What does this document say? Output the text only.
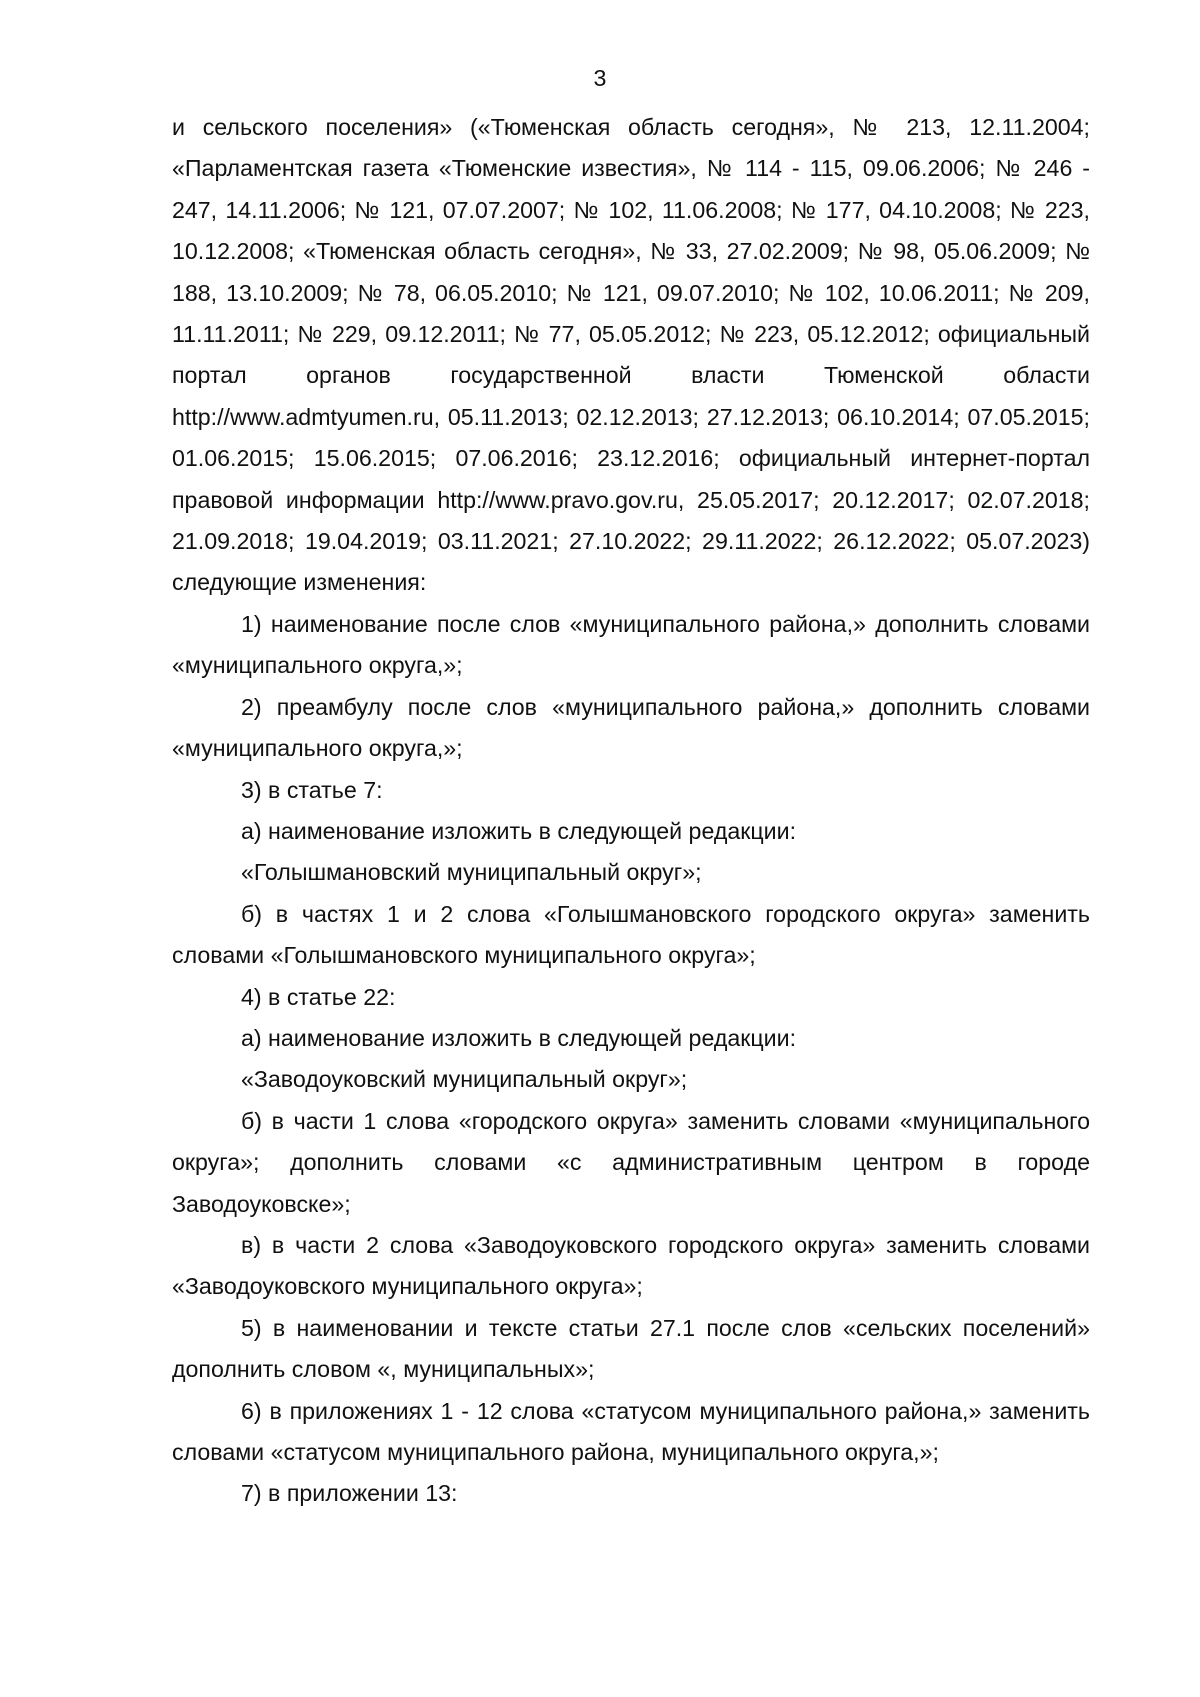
3

и сельского поселения» («Тюменская область сегодня», № 213, 12.11.2004; «Парламентская газета «Тюменские известия», № 114 - 115, 09.06.2006; № 246 - 247, 14.11.2006; № 121, 07.07.2007; № 102, 11.06.2008; № 177, 04.10.2008; № 223, 10.12.2008; «Тюменская область сегодня», № 33, 27.02.2009; № 98, 05.06.2009; № 188, 13.10.2009; № 78, 06.05.2010; № 121, 09.07.2010; № 102, 10.06.2011; № 209, 11.11.2011; № 229, 09.12.2011; № 77, 05.05.2012; № 223, 05.12.2012; официальный портал органов государственной власти Тюменской области http://www.admtyumen.ru, 05.11.2013; 02.12.2013; 27.12.2013; 06.10.2014; 07.05.2015; 01.06.2015; 15.06.2015; 07.06.2016; 23.12.2016; официальный интернет-портал правовой информации http://www.pravo.gov.ru, 25.05.2017; 20.12.2017; 02.07.2018; 21.09.2018; 19.04.2019; 03.11.2021; 27.10.2022; 29.11.2022; 26.12.2022; 05.07.2023) следующие изменения:

1) наименование после слов «муниципального района,» дополнить словами «муниципального округа,»;

2) преамбулу после слов «муниципального района,» дополнить словами «муниципального округа,»;

3) в статье 7:

а) наименование изложить в следующей редакции:

«Голышмановский муниципальный округ»;

б) в частях 1 и 2 слова «Голышмановского городского округа» заменить словами «Голышмановского муниципального округа»;

4) в статье 22:

а) наименование изложить в следующей редакции:

«Заводоуковский муниципальный округ»;

б) в части 1 слова «городского округа» заменить словами «муниципального округа»; дополнить словами «с административным центром в городе Заводоуковске»;

в) в части 2 слова «Заводоуковского городского округа» заменить словами «Заводоуковского муниципального округа»;

5) в наименовании и тексте статьи 27.1 после слов «сельских поселений» дополнить словом «, муниципальных»;

6) в приложениях 1 - 12 слова «статусом муниципального района,» заменить словами «статусом муниципального района, муниципального округа,»;

7) в приложении 13:
